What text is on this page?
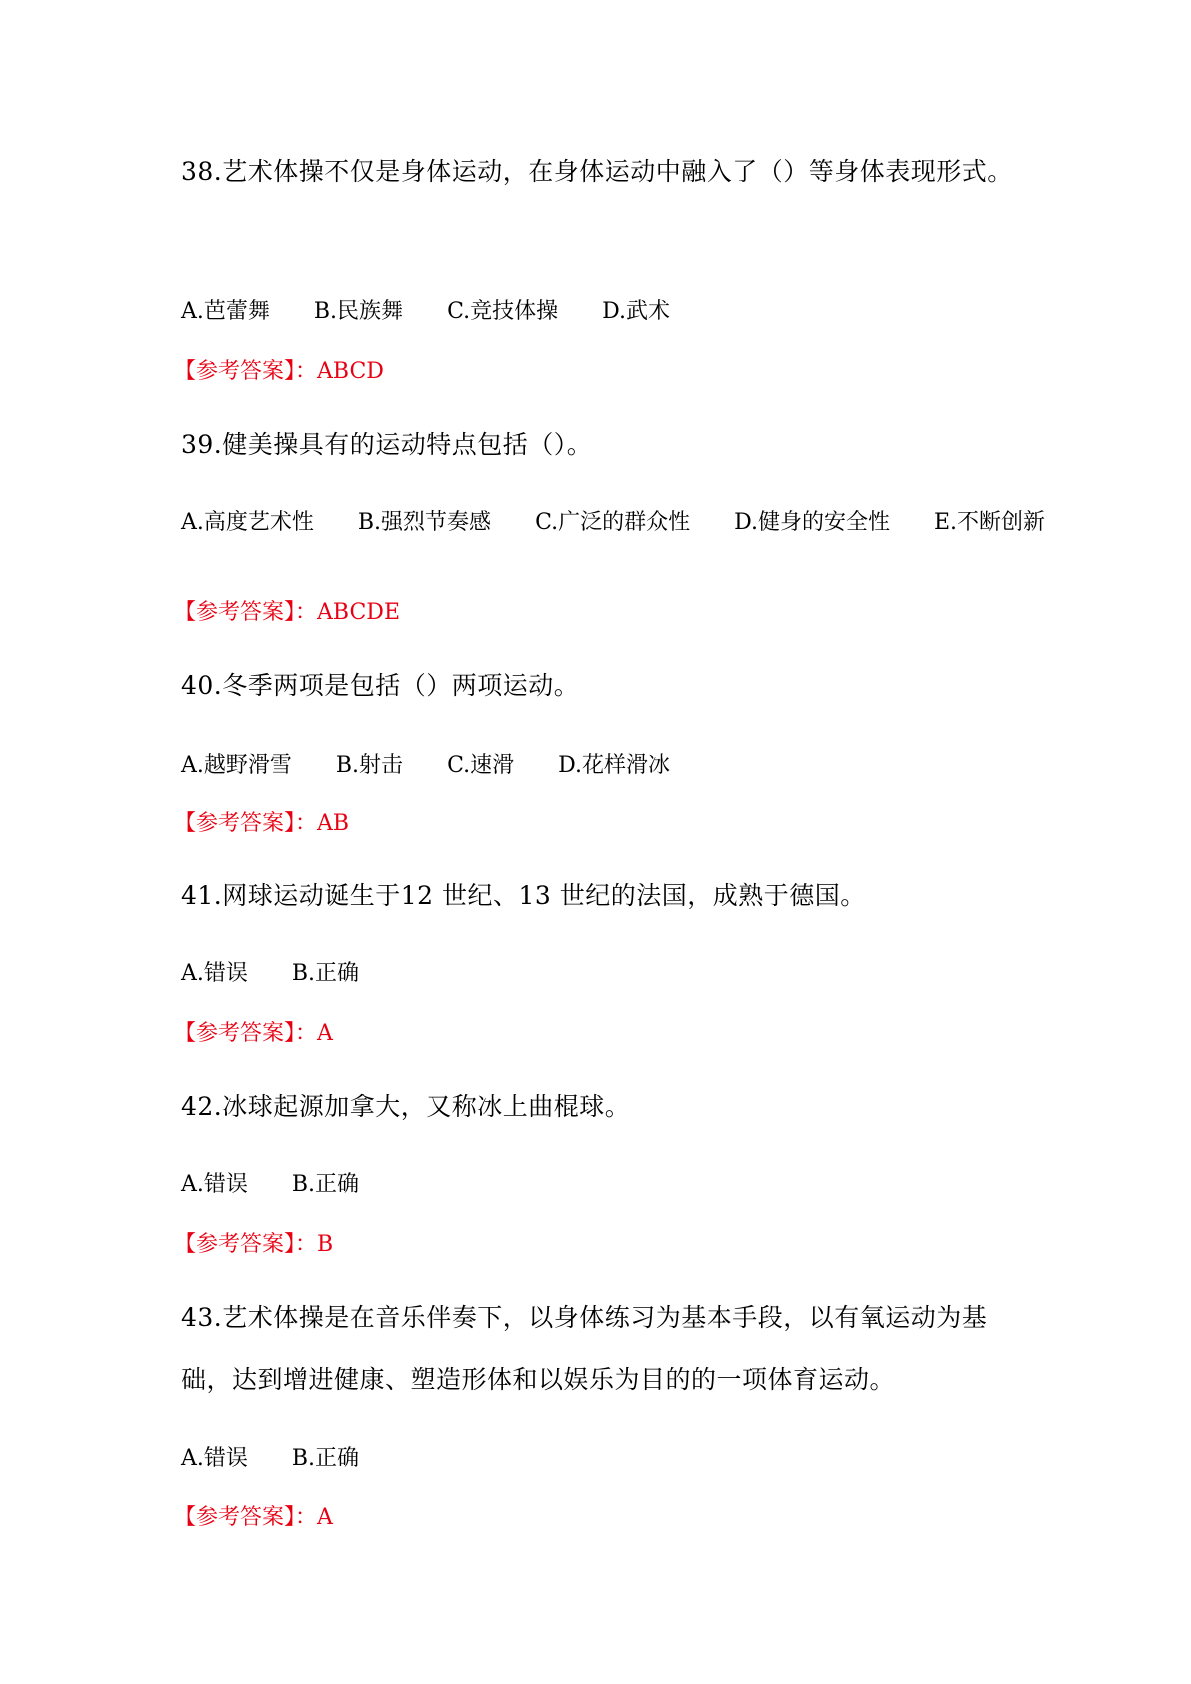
38.艺术体操不仅是身体运动，在身体运动中融入了（）等身体表现形式。

A.芭蕾舞 B.民族舞 C.竞技体操 D.武术

【参考答案】：ABCD

39.健美操具有的运动特点包括（）。

A.高度艺术性 B.强烈节奏感 C.广泛的群众性 D.健身的安全性 E.不断创新

【参考答案】：ABCDE

40.冬季两项是包括（）两项运动。

A.越野滑雪 B.射击 C.速滑 D.花样滑冰

【参考答案】：AB

41.网球运动诞生于12 世纪、13 世纪的法国，成熟于德国。

A.错误 B.正确

【参考答案】：A

42.冰球起源加拿大，又称冰上曲棍球。

A.错误 B.正确

【参考答案】：B

43.艺术体操是在音乐伴奏下，以身体练习为基本手段，以有氧运动为基础，达到增进健康、塑造形体和以娱乐为目的的一项体育运动。

A.错误 B.正确

【参考答案】：A
